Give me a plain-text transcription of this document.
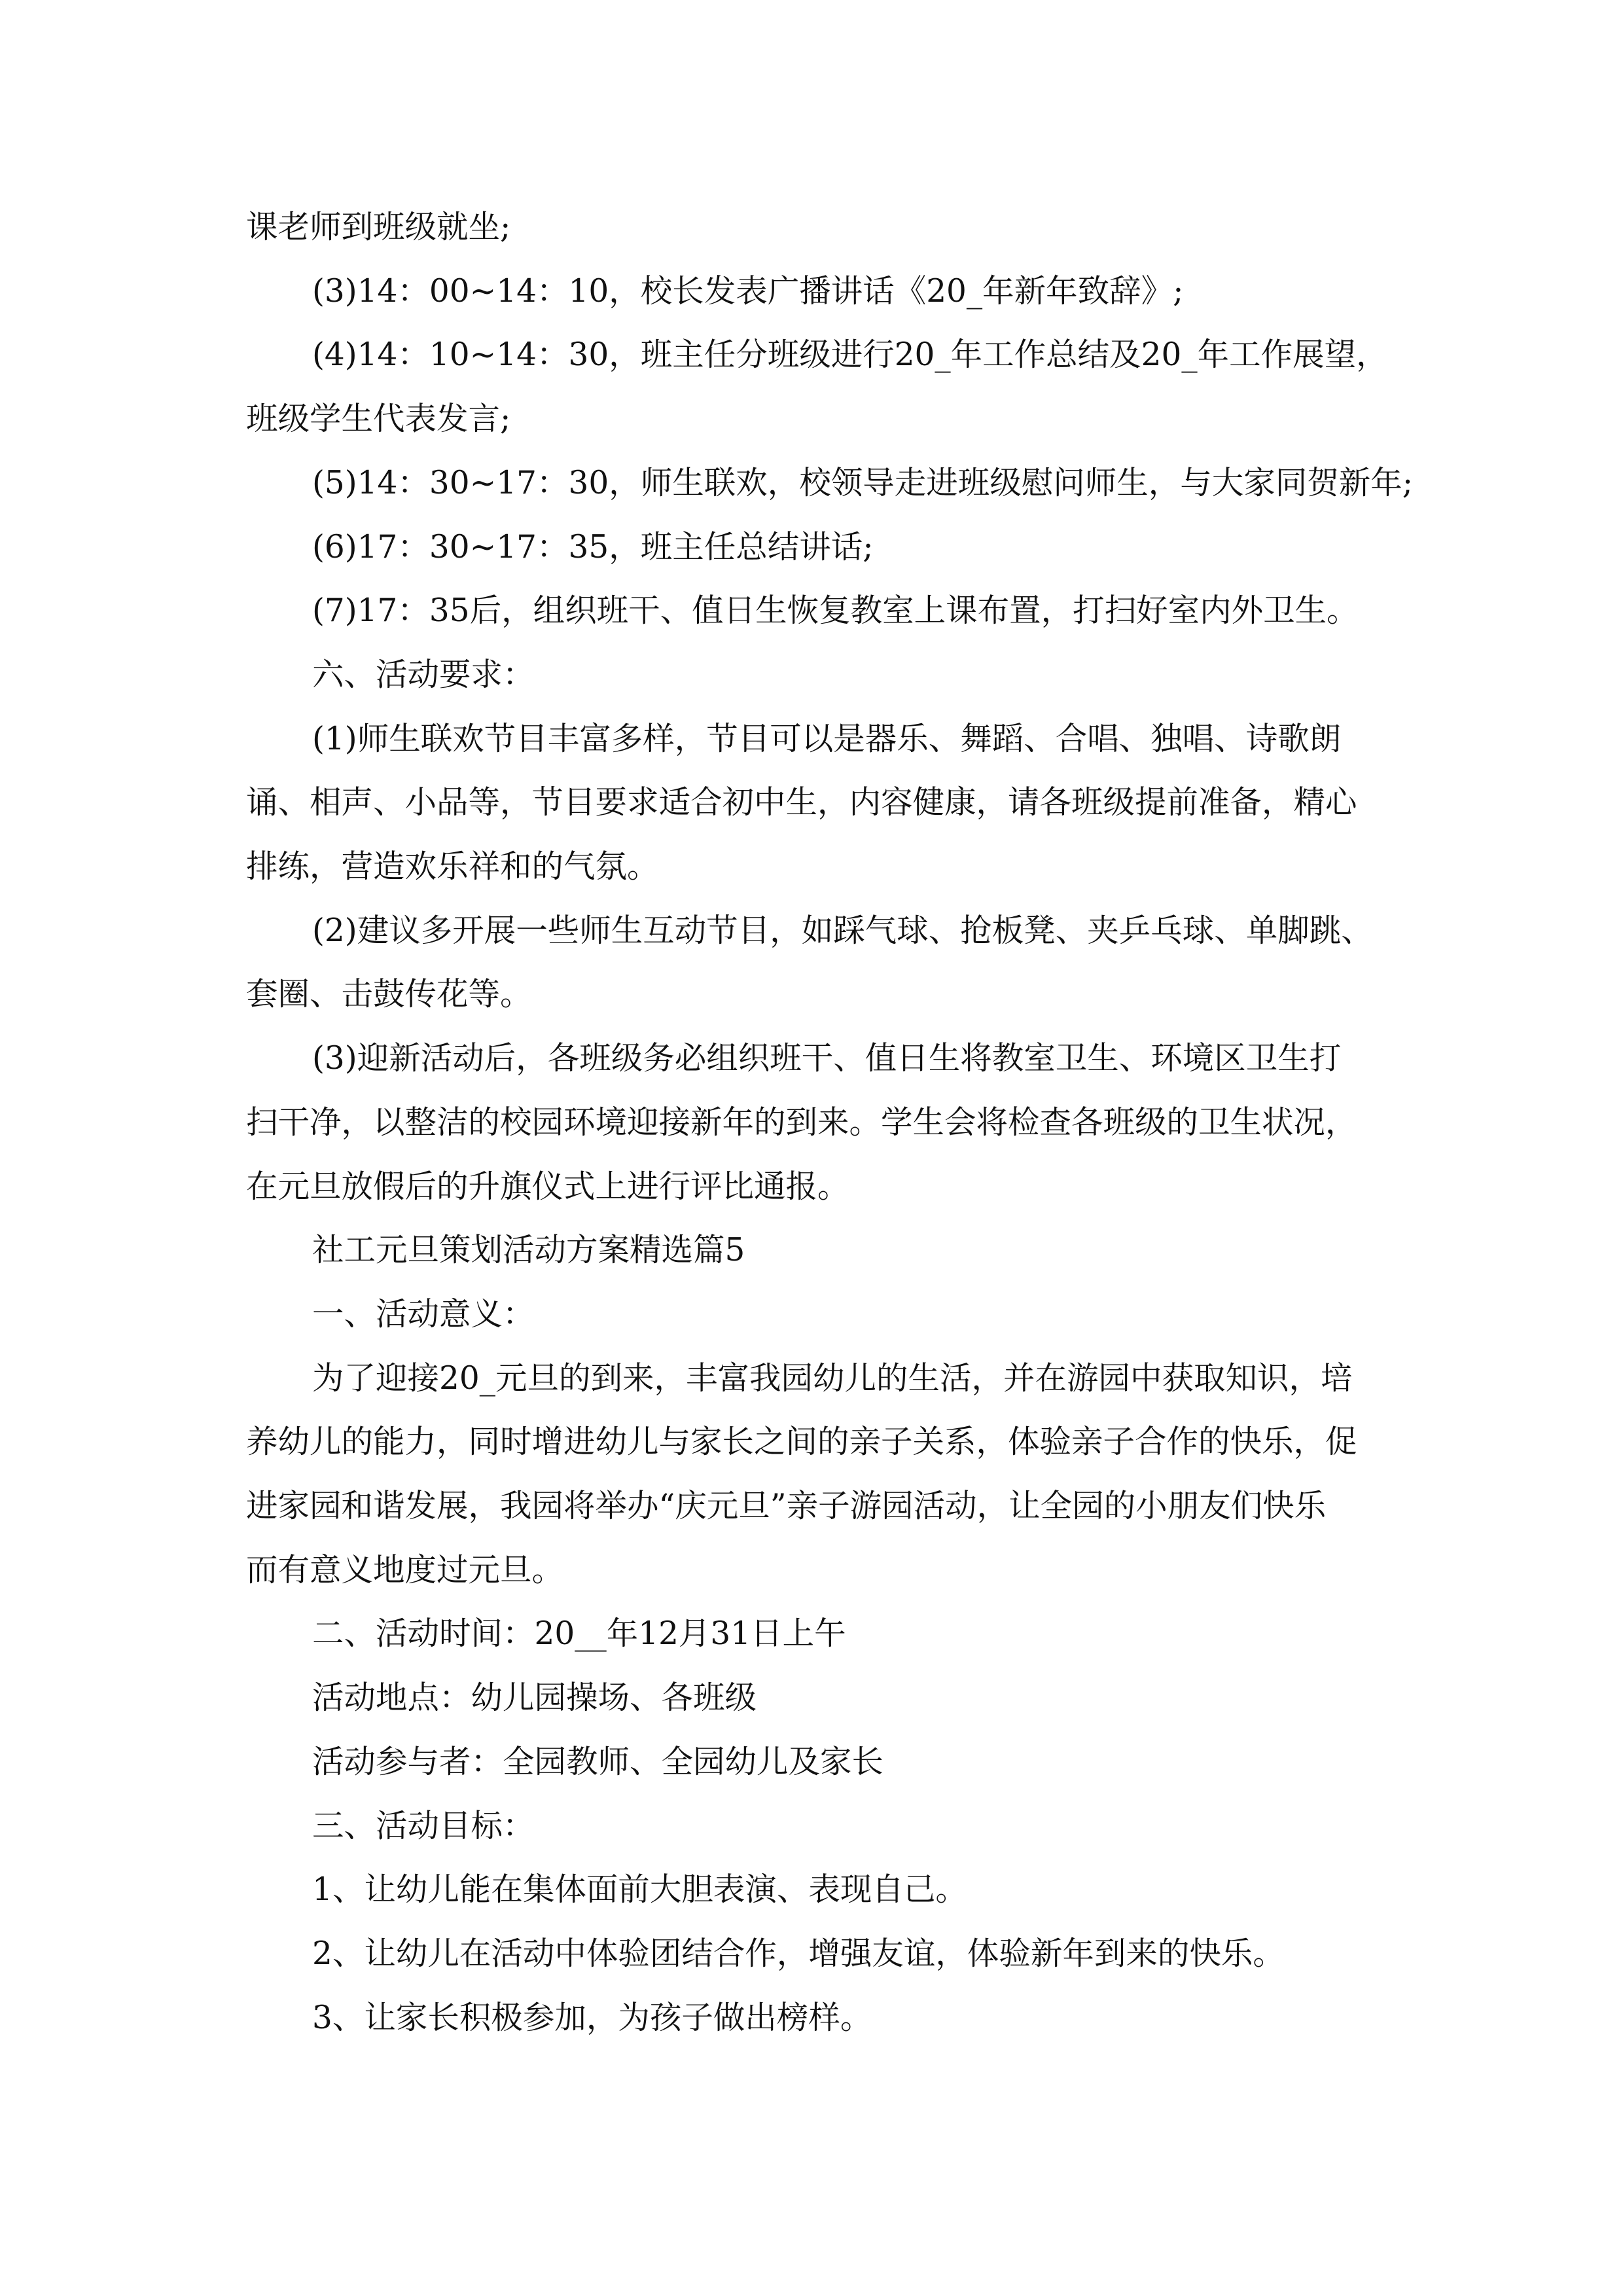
课老师到班级就坐;
(3)14：00~14：10，校长发表广播讲话《20_年新年致辞》;
(4)14：10~14：30，班主任分班级进行20_年工作总结及20_年工作展望，
班级学生代表发言;
(5)14：30~17：30，师生联欢，校领导走进班级慰问师生，与大家同贺新年;
(6)17：30~17：35，班主任总结讲话;
(7)17：35后，组织班干、值日生恢复教室上课布置，打扫好室内外卫生。
六、活动要求：
(1)师生联欢节目丰富多样，节目可以是器乐、舞蹈、合唱、独唱、诗歌朗
诵、相声、小品等，节目要求适合初中生，内容健康，请各班级提前准备，精心
排练，营造欢乐祥和的气氛。
(2)建议多开展一些师生互动节目，如踩气球、抢板凳、夹乒乓球、单脚跳、
套圈、击鼓传花等。
(3)迎新活动后，各班级务必组织班干、值日生将教室卫生、环境区卫生打
扫干净，以整洁的校园环境迎接新年的到来。学生会将检查各班级的卫生状况，
在元旦放假后的升旗仪式上进行评比通报。
社工元旦策划活动方案精选篇5
一、活动意义：
为了迎接20_元旦的到来，丰富我园幼儿的生活，并在游园中获取知识，培
养幼儿的能力，同时增进幼儿与家长之间的亲子关系，体验亲子合作的快乐，促
进家园和谐发展，我园将举办“庆元旦”亲子游园活动，让全园的小朋友们快乐
而有意义地度过元旦。
二、活动时间：20__年12月31日上午
活动地点：幼儿园操场、各班级
活动参与者：全园教师、全园幼儿及家长
三、活动目标：
1、让幼儿能在集体面前大胆表演、表现自己。
2、让幼儿在活动中体验团结合作，增强友谊，体验新年到来的快乐。
3、让家长积极参加，为孩子做出榜样。
